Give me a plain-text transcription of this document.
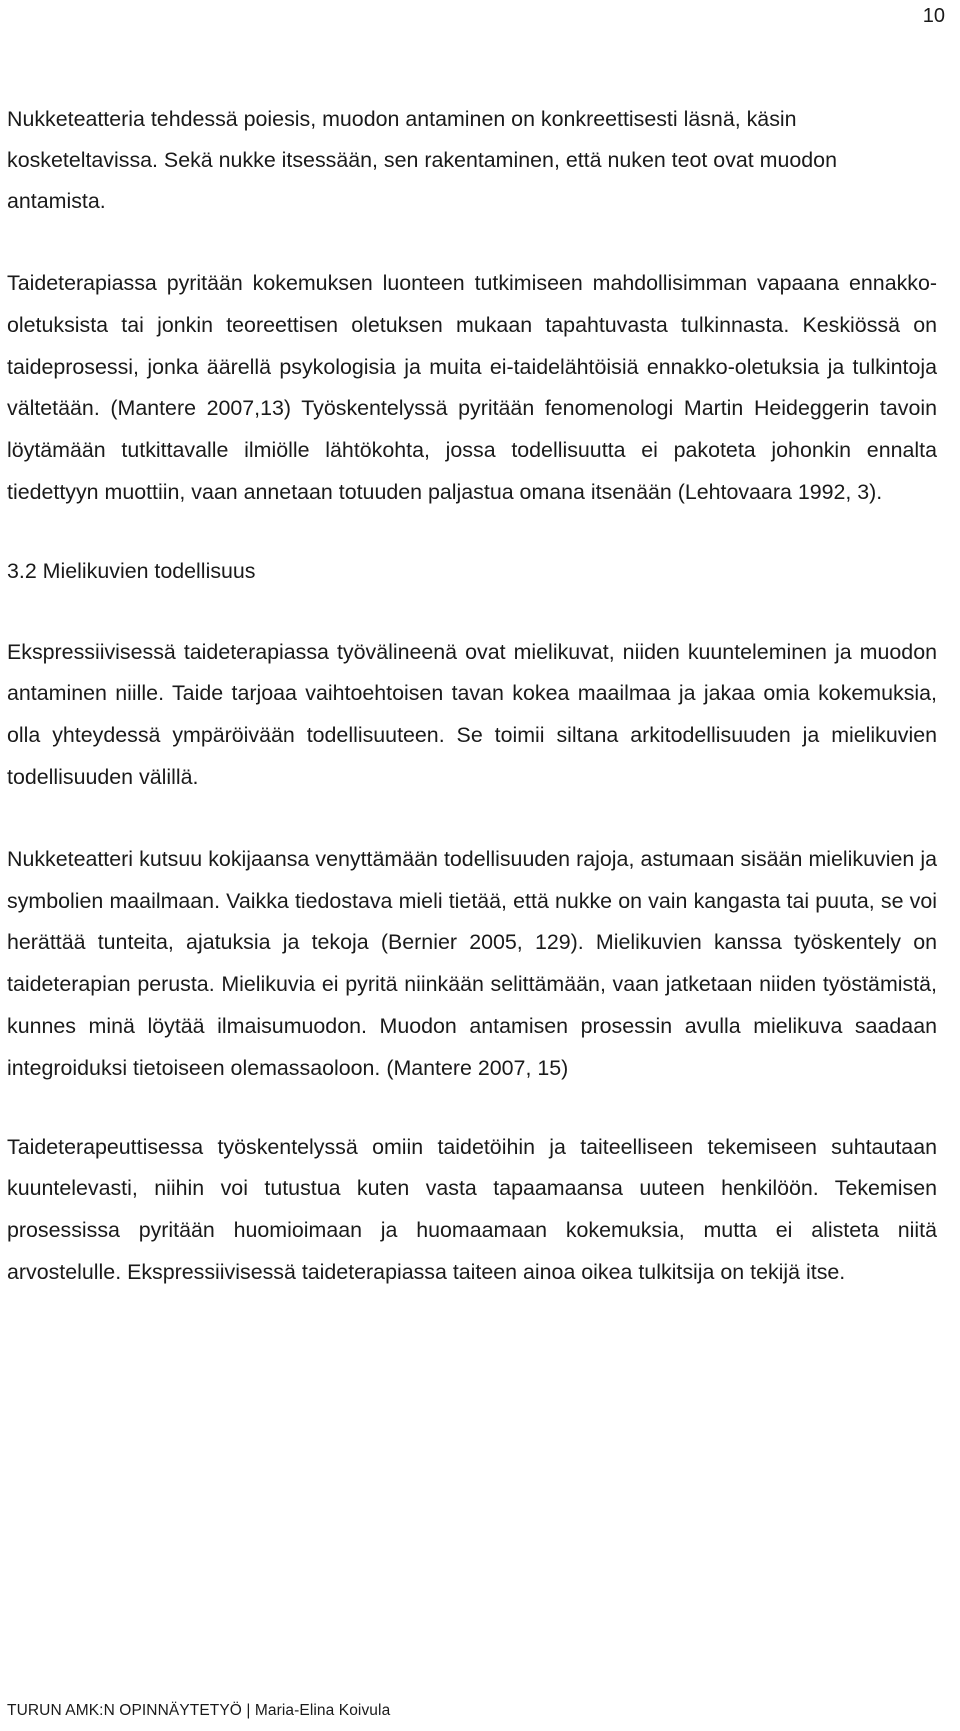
10

Nukketeatteria tehdessä poiesis, muodon antaminen on konkreettisesti läsnä, käsin kosketeltavissa. Sekä nukke itsessään, sen rakentaminen, että nuken teot ovat muodon antamista.

Taideterapiassa pyritään kokemuksen luonteen tutkimiseen mahdollisimman vapaana ennakko-oletuksista tai jonkin teoreettisen oletuksen mukaan tapahtuvasta tulkinnasta. Keskiössä on taideprosessi, jonka äärellä psykologisia ja muita ei-taidelähtöisiä ennakko-oletuksia ja tulkintoja vältetään. (Mantere 2007,13) Työskentelyssä pyritään fenomenologi Martin Heideggerin tavoin löytämään tutkittavalle ilmiölle lähtökohta, jossa todellisuutta ei pakoteta johonkin ennalta tiedettyyn muottiin, vaan annetaan totuuden paljastua omana itsenään (Lehtovaara 1992, 3).

3.2 Mielikuvien todellisuus

Ekspressiivisessä taideterapiassa työvälineenä ovat mielikuvat, niiden kuunteleminen ja muodon antaminen niille. Taide tarjoaa vaihtoehtoisen tavan kokea maailmaa ja jakaa omia kokemuksia, olla yhteydessä ympäröivään todellisuuteen. Se toimii siltana arkitodellisuuden ja mielikuvien todellisuuden välillä.

Nukketeatteri kutsuu kokijaansa venyttämään todellisuuden rajoja, astumaan sisään mielikuvien ja symbolien maailmaan. Vaikka tiedostava mieli tietää, että nukke on vain kangasta tai puuta, se voi herättää tunteita, ajatuksia ja tekoja (Bernier 2005, 129). Mielikuvien kanssa työskentely on taideterapian perusta. Mielikuvia ei pyritä niinkään selittämään, vaan jatketaan niiden työstämistä, kunnes minä löytää ilmaisumuodon. Muodon antamisen prosessin avulla mielikuva saadaan integroiduksi tietoiseen olemassaoloon. (Mantere 2007, 15)

Taideterapeuttisessa työskentelyssä omiin taidetöihin ja taiteelliseen tekemiseen suhtautaan kuuntelevasti, niihin voi tutustua kuten vasta tapaamaansa uuteen henkilöön. Tekemisen prosessissa pyritään huomioimaan ja huomaamaan kokemuksia, mutta ei alisteta niitä arvostelulle. Ekspressiivisessä taideterapiassa taiteen ainoa oikea tulkitsija on tekijä itse.

TURUN AMK:N OPINNÄYTETYÖ | Maria-Elina Koivula
